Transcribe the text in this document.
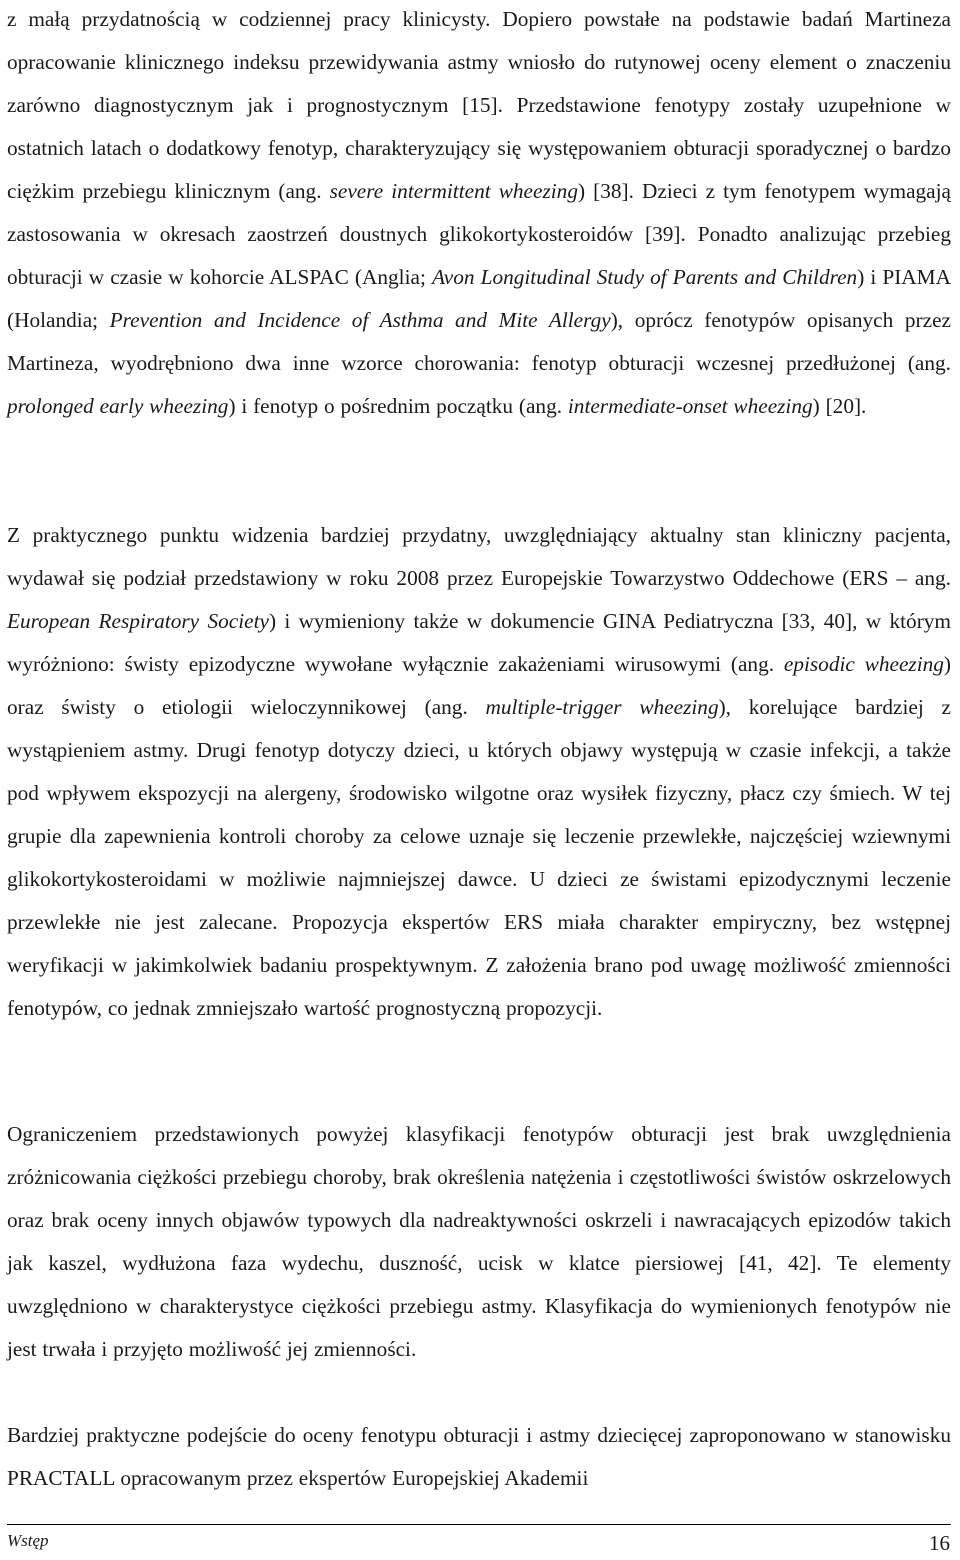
z małą przydatnością w codziennej pracy klinicysty. Dopiero powstałe na podstawie badań Martineza opracowanie klinicznego indeksu przewidywania astmy wniosło do rutynowej oceny element o znaczeniu zarówno diagnostycznym jak i prognostycznym [15]. Przedstawione fenotypy zostały uzupełnione w ostatnich latach o dodatkowy fenotyp, charakteryzujący się występowaniem obturacji sporadycznej o bardzo ciężkim przebiegu klinicznym (ang. severe intermittent wheezing) [38]. Dzieci z tym fenotypem wymagają zastosowania w okresach zaostrzeń doustnych glikokortykosteroidów [39]. Ponadto analizując przebieg obturacji w czasie w kohorcie ALSPAC (Anglia; Avon Longitudinal Study of Parents and Children) i PIAMA (Holandia; Prevention and Incidence of Asthma and Mite Allergy), oprócz fenotypów opisanych przez Martineza, wyodrębniono dwa inne wzorce chorowania: fenotyp obturacji wczesnej przedłużonej (ang. prolonged early wheezing) i fenotyp o pośrednim początku (ang. intermediate-onset wheezing) [20].

Z praktycznego punktu widzenia bardziej przydatny, uwzględniający aktualny stan kliniczny pacjenta, wydawał się podział przedstawiony w roku 2008 przez Europejskie Towarzystwo Oddechowe (ERS – ang. European Respiratory Society) i wymieniony także w dokumencie GINA Pediatryczna [33, 40], w którym wyróżniono: świsty epizodyczne wywołane wyłącznie zakażeniami wirusowymi (ang. episodic wheezing) oraz świsty o etiologii wieloczynnikowej (ang. multiple-trigger wheezing), korelujące bardziej z wystąpieniem astmy. Drugi fenotyp dotyczy dzieci, u których objawy występują w czasie infekcji, a także pod wpływem ekspozycji na alergeny, środowisko wilgotne oraz wysiłek fizyczny, płacz czy śmiech. W tej grupie dla zapewnienia kontroli choroby za celowe uznaje się leczenie przewlekłe, najczęściej wziewnymi glikokortykosteroidami w możliwie najmniejszej dawce. U dzieci ze świstami epizodycznymi leczenie przewlekłe nie jest zalecane. Propozycja ekspertów ERS miała charakter empiryczny, bez wstępnej weryfikacji w jakimkolwiek badaniu prospektywnym. Z założenia brano pod uwagę możliwość zmienności fenotypów, co jednak zmniejszało wartość prognostyczną propozycji.

Ograniczeniem przedstawionych powyżej klasyfikacji fenotypów obturacji jest brak uwzględnienia zróżnicowania ciężkości przebiegu choroby, brak określenia natężenia i częstotliwości świstów oskrzelowych oraz brak oceny innych objawów typowych dla nadreaktywności oskrzeli i nawracających epizodów takich jak kaszel, wydłużona faza wydechu, duszność, ucisk w klatce piersiowej [41, 42]. Te elementy uwzględniono w charakterystyce ciężkości przebiegu astmy. Klasyfikacja do wymienionych fenotypów nie jest trwała i przyjęto możliwość jej zmienności.

Bardziej praktyczne podejście do oceny fenotypu obturacji i astmy dziecięcej zaproponowano w stanowisku PRACTALL opracowanym przez ekspertów Europejskiej Akademii

Wstęp	16
